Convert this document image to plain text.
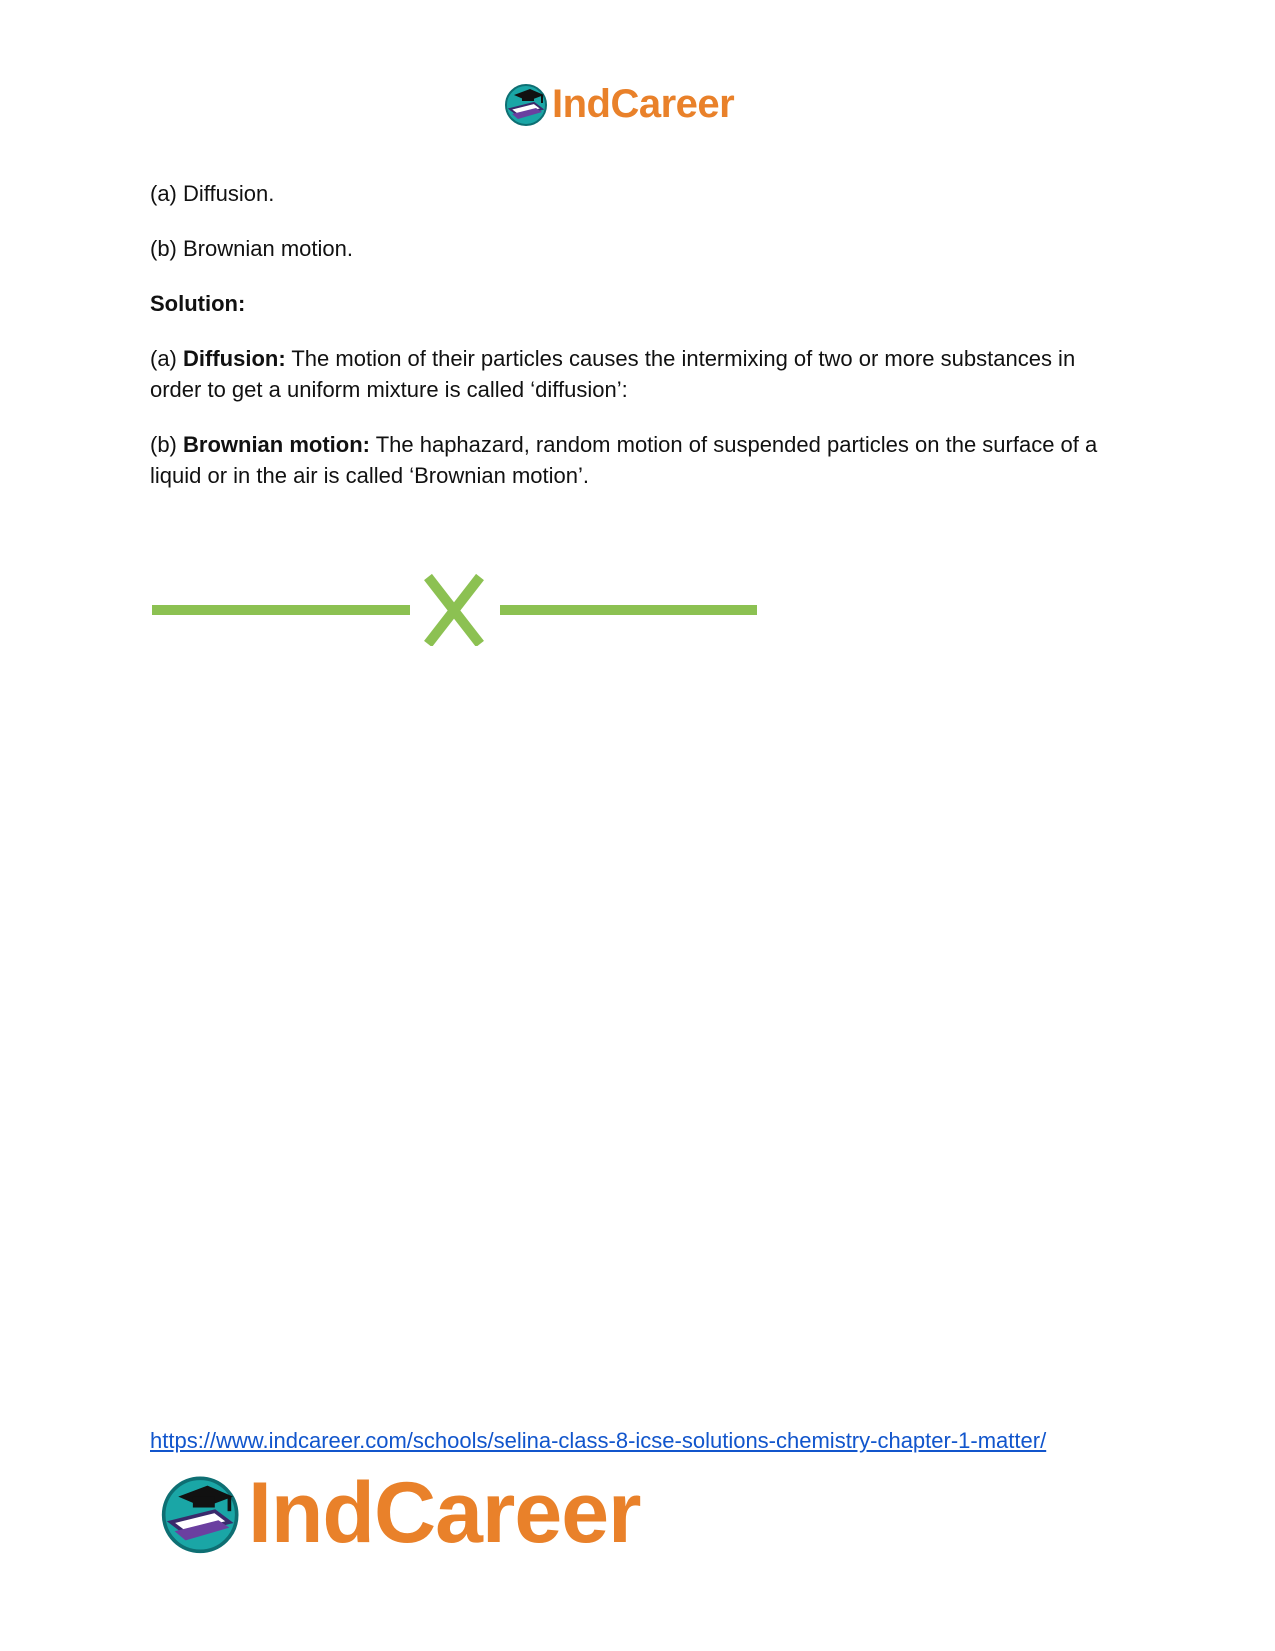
IndCareer

(a) Diffusion.

(b) Brownian motion.

Solution:

(a) Diffusion: The motion of their particles causes the intermixing of two or more substances in order to get a uniform mixture is called ‘diffusion’:

(b) Brownian motion: The haphazard, random motion of suspended particles on the surface of a liquid or in the air is called ‘Brownian motion’.

https://www.indcareer.com/schools/selina-class-8-icse-solutions-chemistry-chapter-1-matter/
IndCareer
